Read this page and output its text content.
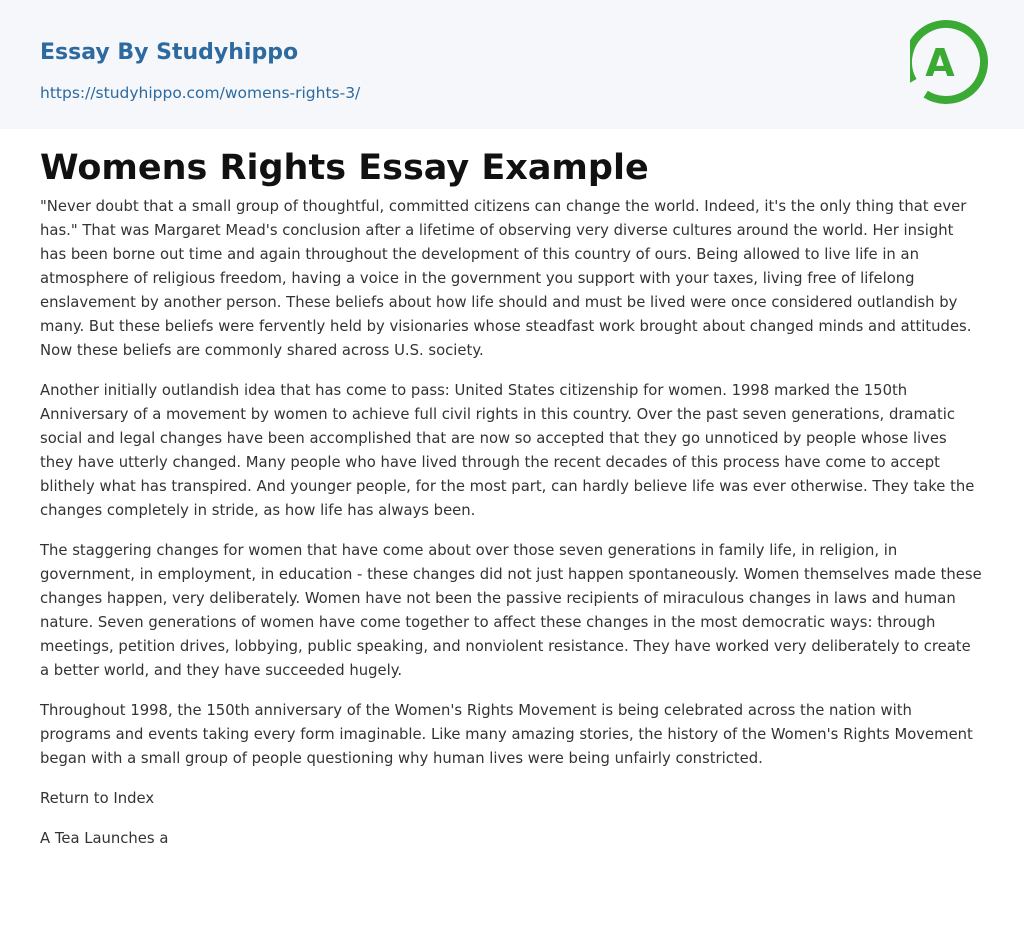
Essay By Studyhippo
https://studyhippo.com/womens-rights-3/
A
Womens Rights Essay Example

"Never doubt that a small group of thoughtful, committed citizens can change the world. Indeed, it's the only thing that ever has." That was Margaret Mead's conclusion after a lifetime of observing very diverse cultures around the world. Her insight has been borne out time and again throughout the development of this country of ours. Being allowed to live life in an atmosphere of religious freedom, having a voice in the government you support with your taxes, living free of lifelong enslavement by another person. These beliefs about how life should and must be lived were once considered outlandish by many. But these beliefs were fervently held by visionaries whose steadfast work brought about changed minds and attitudes. Now these beliefs are commonly shared across U.S. society.

Another initially outlandish idea that has come to pass: United States citizenship for women. 1998 marked the 150th Anniversary of a movement by women to achieve full civil rights in this country. Over the past seven generations, dramatic social and legal changes have been accomplished that are now so accepted that they go unnoticed by people whose lives they have utterly changed. Many people who have lived through the recent decades of this process have come to accept blithely what has transpired. And younger people, for the most part, can hardly believe life was ever otherwise. They take the changes completely in stride, as how life has always been.

The staggering changes for women that have come about over those seven generations in family life, in religion, in government, in employment, in education - these changes did not just happen spontaneously. Women themselves made these changes happen, very deliberately. Women have not been the passive recipients of miraculous changes in laws and human nature. Seven generations of women have come together to affect these changes in the most democratic ways: through meetings, petition drives, lobbying, public speaking, and nonviolent resistance. They have worked very deliberately to create a better world, and they have succeeded hugely.

Throughout 1998, the 150th anniversary of the Women's Rights Movement is being celebrated across the nation with programs and events taking every form imaginable. Like many amazing stories, the history of the Women's Rights Movement began with a small group of people questioning why human lives were being unfairly constricted.

Return to Index

A Tea Launches a
